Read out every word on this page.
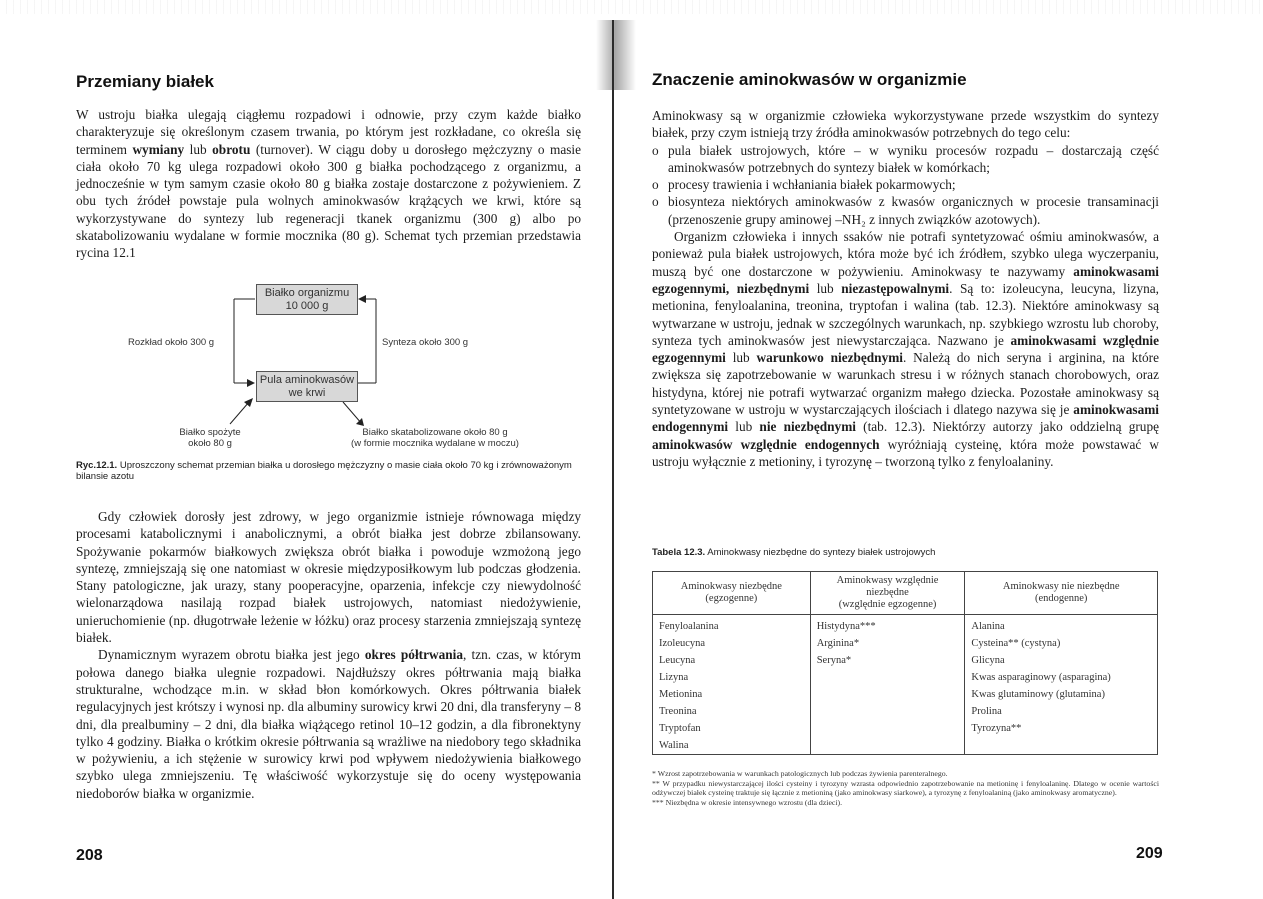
Przemiany białek
W ustroju białka ulegają ciągłemu rozpadowi i odnowie, przy czym każde białko charakteryzuje się określonym czasem trwania, po którym jest rozkładane, co określa się terminem wymiany lub obrotu (turnover). W ciągu doby u dorosłego mężczyzny o masie ciała około 70 kg ulega rozpadowi około 300 g białka pochodzącego z organizmu, a jednocześnie w tym samym czasie około 80 g białka zostaje dostarczone z pożywieniem. Z obu tych źródeł powstaje pula wolnych aminokwasów krążących we krwi, które są wykorzystywane do syntezy lub regeneracji tkanek organizmu (300 g) albo po skatabolizowaniu wydalane w formie mocznika (80 g). Schemat tych przemian przedstawia rycina 12.1
Białko organizmu
10 000 g
Pula aminokwasów
we krwi
Rozkład około 300 g	Synteza około 300 g
Białko spożyte
około 80 g
Białko skatabolizowane około 80 g
(w formie mocznika wydalane w moczu)
Ryc.12.1. Uproszczony schemat przemian białka u dorosłego mężczyzny o masie ciała około 70 kg i zrównoważonym bilansie azotu

Gdy człowiek dorosły jest zdrowy, w jego organizmie istnieje równowaga między procesami katabolicznymi i anabolicznymi, a obrót białka jest dobrze zbilansowany. Spożywanie pokarmów białkowych zwiększa obrót białka i powoduje wzmożoną jego syntezę, zmniejszają się one natomiast w okresie międzyposiłkowym lub podczas głodzenia. Stany patologiczne, jak urazy, stany pooperacyjne, oparzenia, infekcje czy niewydolność wielonarządowa nasilają rozpad białek ustrojowych, natomiast niedożywienie, unieruchomienie (np. długotrwałe leżenie w łóżku) oraz procesy starzenia zmniejszają syntezę białek.

Dynamicznym wyrazem obrotu białka jest jego okres półtrwania, tzn. czas, w którym połowa danego białka ulegnie rozpadowi. Najdłuższy okres półtrwania mają białka strukturalne, wchodzące m.in. w skład błon komórkowych. Okres półtrwania białek regulacyjnych jest krótszy i wynosi np. dla albuminy surowicy krwi 20 dni, dla transferyny – 8 dni, dla prealbuminy – 2 dni, dla białka wiążącego retinol 10–12 godzin, a dla fibronektyny tylko 4 godziny. Białka o krótkim okresie półtrwania są wrażliwe na niedobory tego składnika w pożywieniu, a ich stężenie w surowicy krwi pod wpływem niedożywienia białkowego szybko ulega zmniejszeniu. Tę właściwość wykorzystuje się do oceny występowania niedoborów białka w organizmie.

208
Znaczenie aminokwasów w organizmie

Aminokwasy są w organizmie człowieka wykorzystywane przede wszystkim do syntezy białek, przy czym istnieją trzy źródła aminokwasów potrzebnych do tego celu:

o pula białek ustrojowych, które – w wyniku procesów rozpadu – dostarczają część aminokwasów potrzebnych do syntezy białek w komórkach;
o procesy trawienia i wchłaniania białek pokarmowych;
o biosynteza niektórych aminokwasów z kwasów organicznych w procesie transaminacji (przenoszenie grupy aminowej –NH₂ z innych związków azotowych).

Organizm człowieka i innych ssaków nie potrafi syntetyzować ośmiu aminokwasów, a ponieważ pula białek ustrojowych, która może być ich źródłem, szybko ulega wyczerpaniu, muszą być one dostarczone w pożywieniu. Aminokwasy te nazywamy aminokwasami egzogennymi, niezbędnymi lub niezastępowalnymi. Są to: izoleucyna, leucyna, lizyna, metionina, fenyloalanina, treonina, tryptofan i walina (tab. 12.3). Niektóre aminokwasy są wytwarzane w ustroju, jednak w szczególnych warunkach, np. szybkiego wzrostu lub choroby, synteza tych aminokwasów jest niewystarczająca. Nazwano je aminokwasami względnie egzogennymi lub warunkowo niezbędnymi. Należą do nich seryna i arginina, na które zwiększa się zapotrzebowanie w warunkach stresu i w różnych stanach chorobowych, oraz histydyna, której nie potrafi wytwarzać organizm małego dziecka. Pozostałe aminokwasy są syntetyzowane w ustroju w wystarczających ilościach i dlatego nazywa się je aminokwasami endogennymi lub nie niezbędnymi (tab. 12.3). Niektórzy autorzy jako oddzielną grupę aminokwasów względnie endogennych wyróżniają cysteinę, która może powstawać w ustroju wyłącznie z metioniny, i tyrozynę – tworzoną tylko z fenyloalaniny.

Tabela 12.3. Aminokwasy niezbędne do syntezy białek ustrojowych
Aminokwasy niezbędne
(egzogenne)	Aminokwasy względnie
niezbędne
(względnie egzogenne)	Aminokwasy nie niezbędne
(endogenne)
Fenyloalanina	Histydyna***	Alanina
Izoleucyna	Arginina*	Cysteina** (cystyna)
Leucyna	Seryna*	Glicyna
Lizyna		Kwas asparaginowy (asparagina)
Metionina		Kwas glutaminowy (glutamina)
Treonina		Prolina
Tryptofan		Tyrozyna**
Walina		

* Wzrost zapotrzebowania w warunkach patologicznych lub podczas żywienia parenteralnego.

** W przypadku niewystarczającej ilości cysteiny i tyrozyny wzrasta odpowiednio zapotrzebowanie na metioninę i fenyloalaninę. Dlatego w ocenie wartości odżywczej białek cysteinę traktuje się łącznie z metioniną (jako aminokwasy siarkowe), a tyrozynę z fenyloalaniną (jako aminokwasy aromatyczne).

*** Niezbędna w okresie intensywnego wzrostu (dla dzieci).

209
